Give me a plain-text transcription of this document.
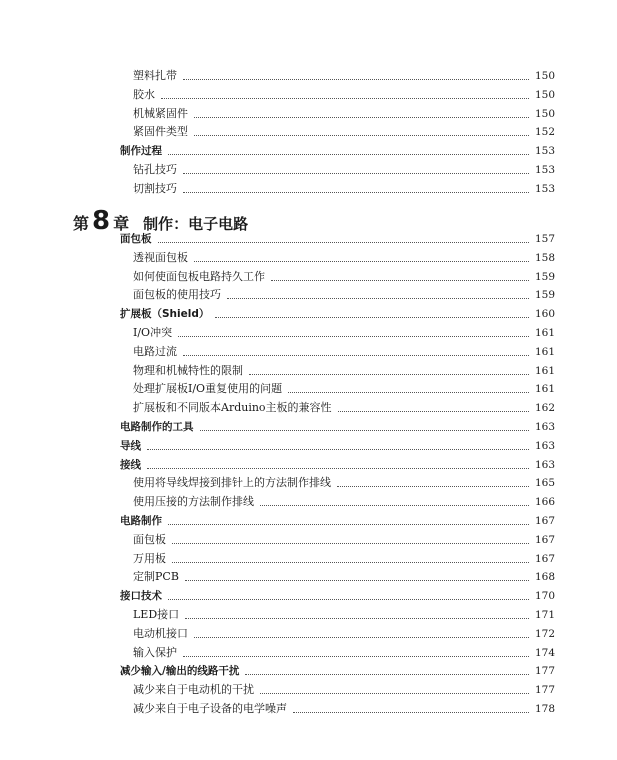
第 8 章 制作：电子电路
塑料扎带	150
胶水	150
机械紧固件	150
紧固件类型	152
制作过程	153
钻孔技巧	153
切割技巧	153
面包板	157
透视面包板	158
如何使面包板电路持久工作	159
面包板的使用技巧	159
扩展板（Shield）	160
I/O冲突	161
电路过流	161
物理和机械特性的限制	161
处理扩展板I/O重复使用的问题	161
扩展板和不同版本Arduino主板的兼容性	162
电路制作的工具	163
导线	163
接线	163
使用将导线焊接到排针上的方法制作排线	165
使用压接的方法制作排线	166
电路制作	167
面包板	167
万用板	167
定制PCB	168
接口技术	170
LED接口	171
电动机接口	172
输入保护	174
减少输入/输出的线路干扰	177
减少来自于电动机的干扰	177
减少来自于电子设备的电学噪声	178
